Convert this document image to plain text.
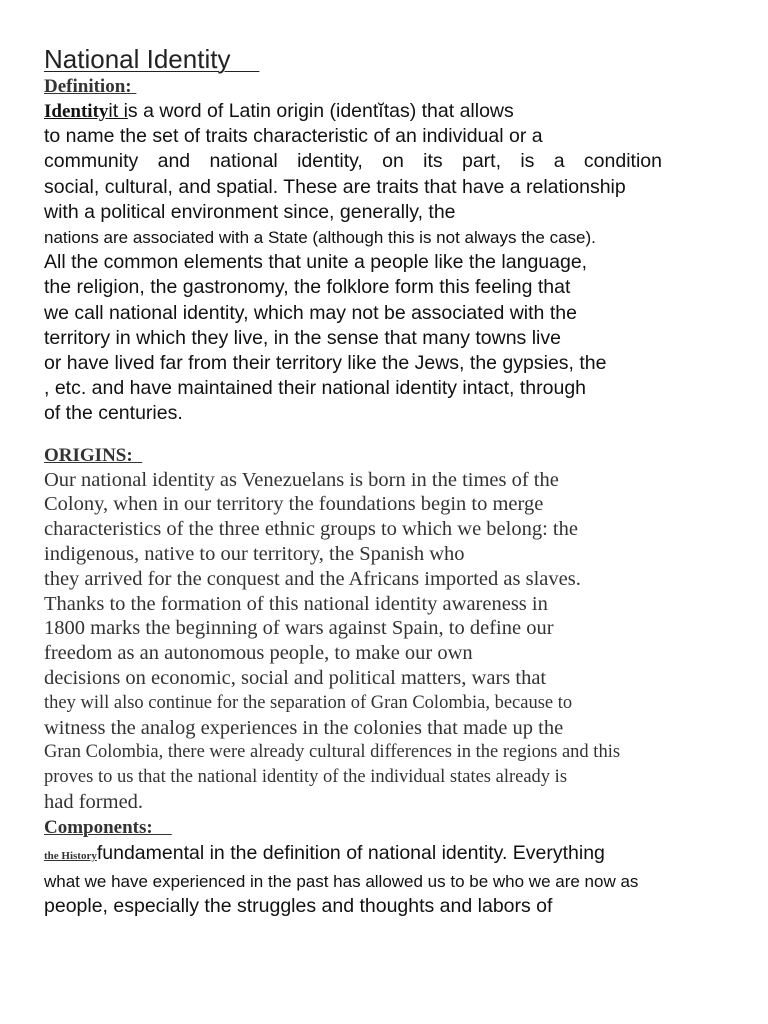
National Identity
Definition:
Identityit is a word of Latin origin (identĭtas) that allows
to name the set of traits characteristic of an individual or a
community and national identity, on its part, is a condition
social, cultural, and spatial. These are traits that have a relationship
with a political environment since, generally, the
nations are associated with a State (although this is not always the case).
All the common elements that unite a people like the language,
the religion, the gastronomy, the folklore form this feeling that
we call national identity, which may not be associated with the
territory in which they live, in the sense that many towns live
or have lived far from their territory like the Jews, the gypsies, the
, etc. and have maintained their national identity intact, through
of the centuries.
ORIGINS:
Our national identity as Venezuelans is born in the times of the
Colony, when in our territory the foundations begin to merge
characteristics of the three ethnic groups to which we belong: the
indigenous, native to our territory, the Spanish who
they arrived for the conquest and the Africans imported as slaves.
Thanks to the formation of this national identity awareness in
1800 marks the beginning of wars against Spain, to define our
freedom as an autonomous people, to make our own
decisions on economic, social and political matters, wars that
they will also continue for the separation of Gran Colombia, because to
witness the analog experiences in the colonies that made up the
Gran Colombia, there were already cultural differences in the regions and this
proves to us that the national identity of the individual states already is
had formed.
Components:
the Historyfundamental in the definition of national identity. Everything
what we have experienced in the past has allowed us to be who we are now as
people, especially the struggles and thoughts and labors of
